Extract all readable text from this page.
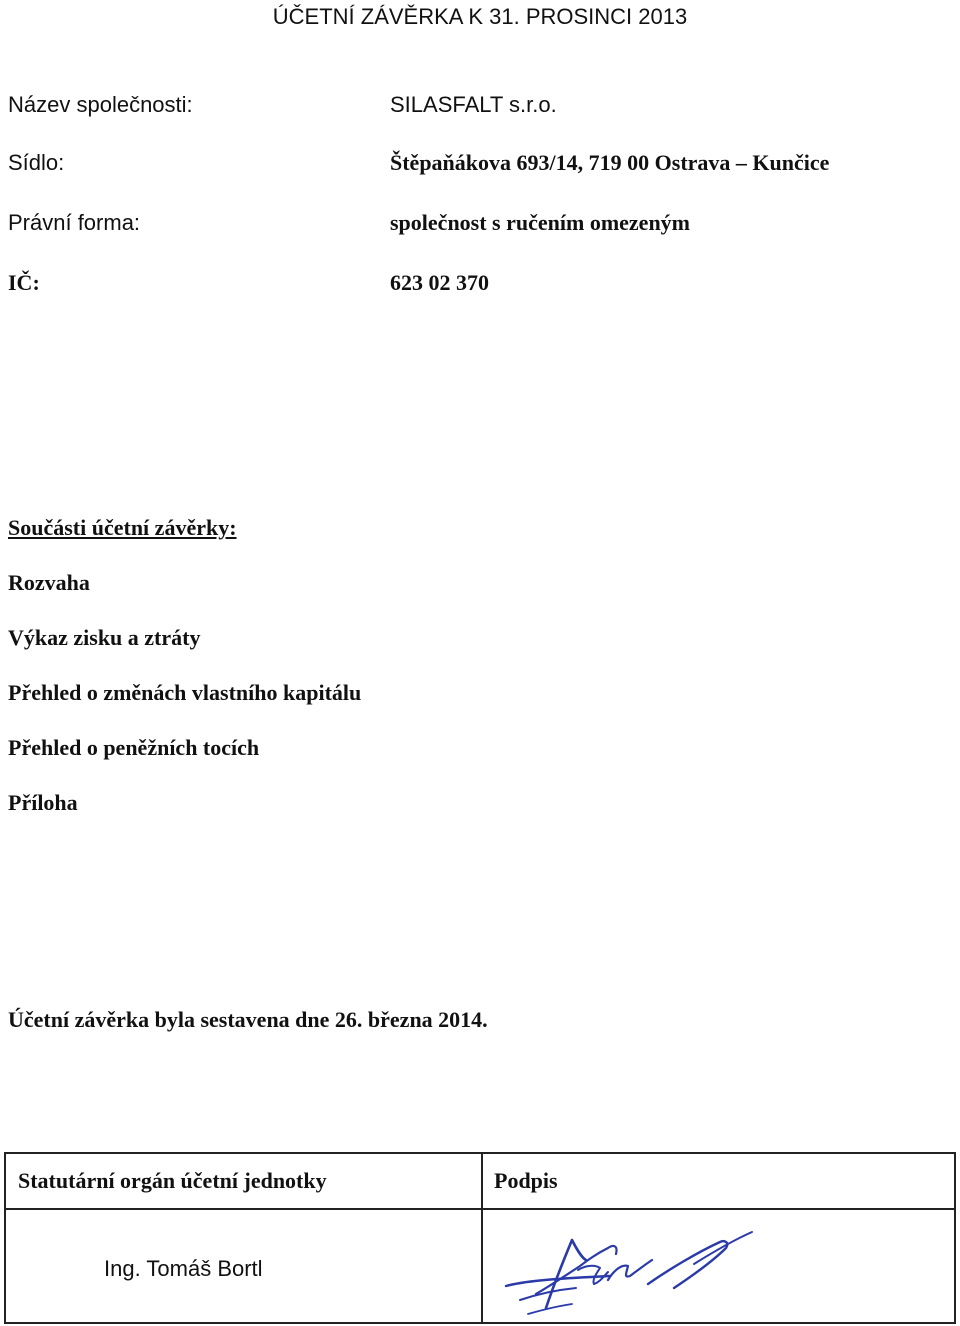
ÚČETNÍ ZÁVĚRKA K 31. PROSINCI 2013
Název společnosti:	SILASFALT s.r.o.
Sídlo:	Štěpaňákova 693/14, 719 00 Ostrava – Kunčice
Právní forma:	společnost s ručením omezeným
IČ:	623 02 370
Součásti účetní závěrky:
Rozvaha
Výkaz zisku a ztráty
Přehled o změnách vlastního kapitálu
Přehled o peněžních tocích
Příloha
Účetní závěrka byla sestavena dne 26. března 2014.
Statutární orgán účetní jednotky	Podpis
Ing. Tomáš Bortl
